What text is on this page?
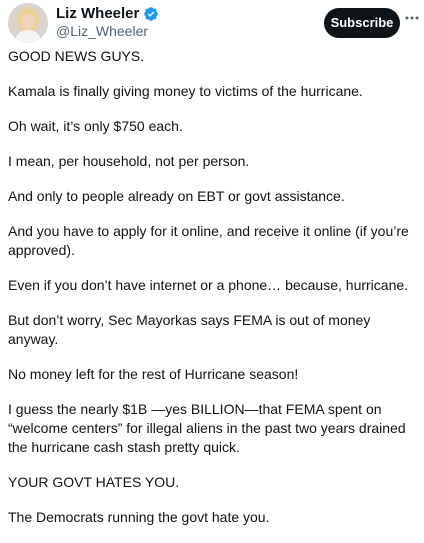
Liz Wheeler
@Liz_Wheeler
Subscribe

GOOD NEWS GUYS.

Kamala is finally giving money to victims of the hurricane.

Oh wait, it’s only $750 each.

I mean, per household, not per person.

And only to people already on EBT or govt assistance.

And you have to apply for it online, and receive it online (if you’re approved).

Even if you don’t have internet or a phone… because, hurricane.

But don’t worry, Sec Mayorkas says FEMA is out of money anyway.

No money left for the rest of Hurricane season!

I guess the nearly $1B —yes BILLION—that FEMA spent on “welcome centers” for illegal aliens in the past two years drained the hurricane cash stash pretty quick.

YOUR GOVT HATES YOU.

The Democrats running the govt hate you.
